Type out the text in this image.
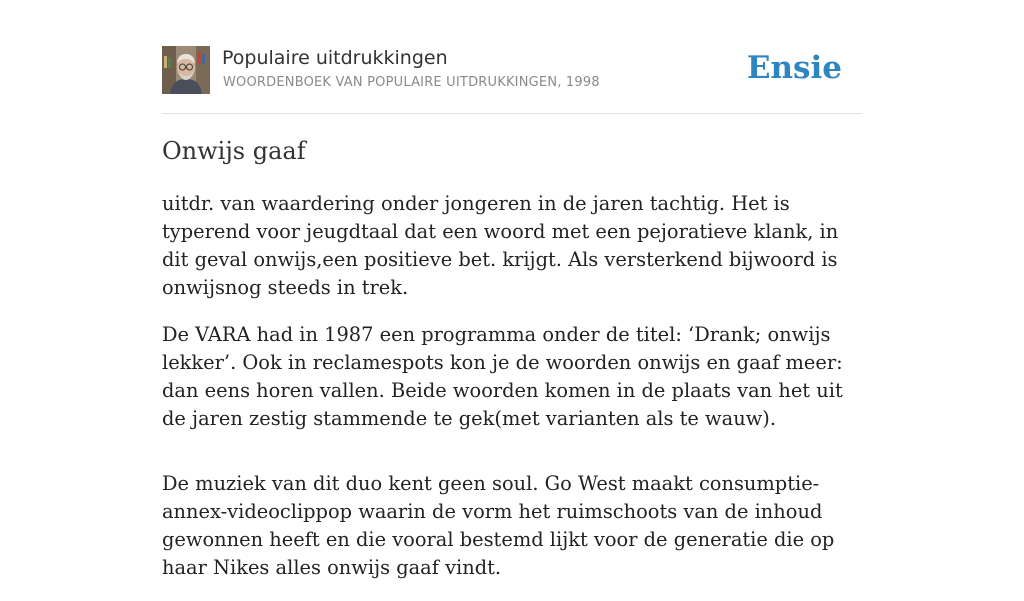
Populaire uitdrukkingen
WOORDENBOEK VAN POPULAIRE UITDRUKKINGEN, 1998	Ensie
Onwijs gaaf

uitdr. van waardering onder jongeren in de jaren tachtig. Het is typerend voor jeugdtaal dat een woord met een pejoratieve klank, in dit geval onwijs,een positieve bet. krijgt. Als versterkend bijwoord is onwijsnog steeds in trek.

De VARA had in 1987 een programma onder de titel: ‘Drank; onwijs lekker’. Ook in reclamespots kon je de woorden onwijs en gaaf meer: dan eens horen vallen. Beide woorden komen in de plaats van het uit de jaren zestig stammende te gek(met varianten als te wauw).

De muziek van dit duo kent geen soul. Go West maakt consumptie-annex-videoclippop waarin de vorm het ruimschoots van de inhoud gewonnen heeft en die vooral bestemd lijkt voor de generatie die op haar Nikes alles onwijs gaaf vindt.
